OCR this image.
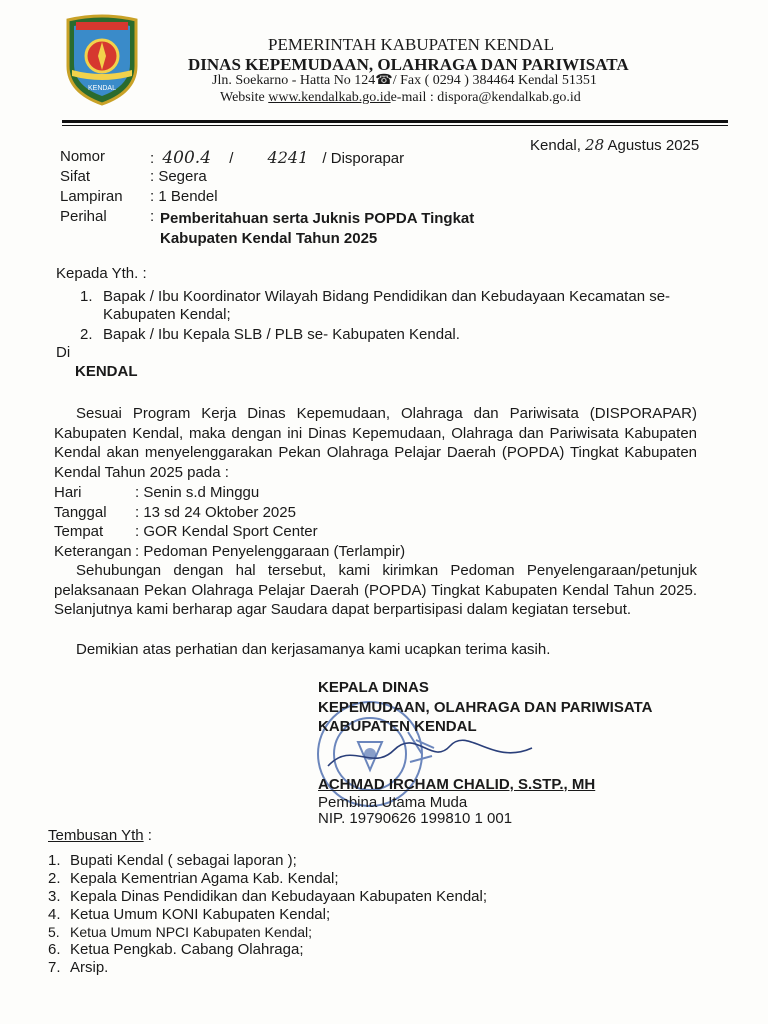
KENDAL

PEMERINTAH KABUPATEN KENDAL

DINAS KEPEMUDAAN, OLAHRAGA DAN PARIWISATA

Jln. Soekarno - Hatta No 124☎/ Fax ( 0294 ) 384464 Kendal 51351

Website www.kendalkab.go.ide-mail : dispora@kendalkab.go.id

Kendal, 28 Agustus 2025

Nomor	: 400.4 / 4241 / Disporapar
Sifat	: Segera
Lampiran : 1 Bendel
Perihal	: Pemberitahuan serta Juknis POPDA Tingkat
Kabupaten Kendal Tahun 2025
Kepada Yth. :
1. Bapak / Ibu Koordinator Wilayah Bidang Pendidikan dan Kebudayaan Kecamatan se-
Kabupaten Kendal;
2. Bapak / Ibu Kepala SLB / PLB se- Kabupaten Kendal.
Di
KENDAL

Sesuai Program Kerja Dinas Kepemudaan, Olahraga dan Pariwisata (DISPORAPAR) Kabupaten Kendal, maka dengan ini Dinas Kepemudaan, Olahraga dan Pariwisata Kabupaten Kendal akan menyelenggarakan Pekan Olahraga Pelajar Daerah (POPDA) Tingkat Kabupaten Kendal Tahun 2025 pada :

Hari	: Senin s.d Minggu
Tanggal : 13 sd 24 Oktober 2025
Tempat : GOR Kendal Sport Center
Keterangan : Pedoman Penyelenggaraan (Terlampir)

Sehubungan dengan hal tersebut, kami kirimkan Pedoman Penyelengaraan/petunjuk pelaksanaan Pekan Olahraga Pelajar Daerah (POPDA) Tingkat Kabupaten Kendal Tahun 2025. Selanjutnya kami berharap agar Saudara dapat berpartisipasi dalam kegiatan tersebut.

Demikian atas perhatian dan kerjasamanya kami ucapkan terima kasih.

KEPALA DINAS
KEPEMUDAAN, OLAHRAGA DAN PARIWISATA
KABUPATEN KENDAL
ACHMAD IRCHAM CHALID, S.STP., MH
Pembina Utama Muda
NIP. 19790626 199810 1 001
Tembusan Yth :
1. Bupati Kendal ( sebagai laporan );
2. Kepala Kementrian Agama Kab. Kendal;
3. Kepala Dinas Pendidikan dan Kebudayaan Kabupaten Kendal;
4. Ketua Umum KONI Kabupaten Kendal;
5. Ketua Umum NPCI Kabupaten Kendal;
6. Ketua Pengkab. Cabang Olahraga;
7. Arsip.
